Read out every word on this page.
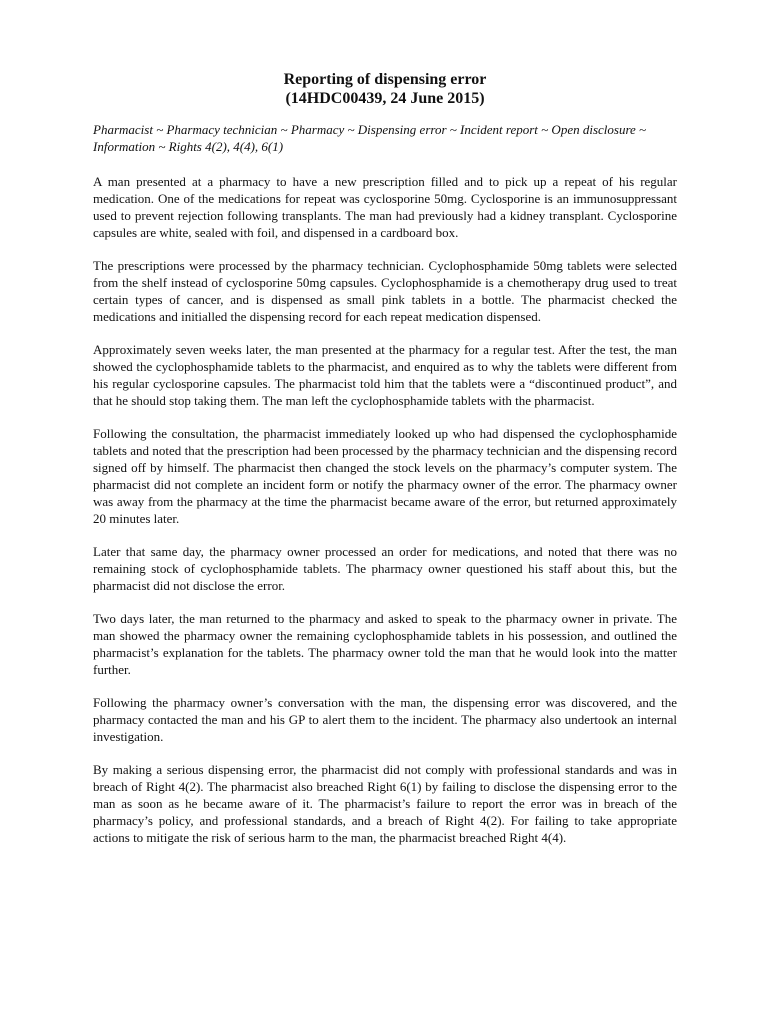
Reporting of dispensing error
(14HDC00439, 24 June 2015)

Pharmacist ~ Pharmacy technician ~ Pharmacy ~ Dispensing error ~ Incident report ~ Open disclosure ~ Information ~ Rights 4(2), 4(4), 6(1)

A man presented at a pharmacy to have a new prescription filled and to pick up a repeat of his regular medication. One of the medications for repeat was cyclosporine 50mg. Cyclosporine is an immunosuppressant used to prevent rejection following transplants. The man had previously had a kidney transplant. Cyclosporine capsules are white, sealed with foil, and dispensed in a cardboard box.

The prescriptions were processed by the pharmacy technician. Cyclophosphamide 50mg tablets were selected from the shelf instead of cyclosporine 50mg capsules. Cyclophosphamide is a chemotherapy drug used to treat certain types of cancer, and is dispensed as small pink tablets in a bottle. The pharmacist checked the medications and initialled the dispensing record for each repeat medication dispensed.

Approximately seven weeks later, the man presented at the pharmacy for a regular test. After the test, the man showed the cyclophosphamide tablets to the pharmacist, and enquired as to why the tablets were different from his regular cyclosporine capsules. The pharmacist told him that the tablets were a “discontinued product”, and that he should stop taking them. The man left the cyclophosphamide tablets with the pharmacist.

Following the consultation, the pharmacist immediately looked up who had dispensed the cyclophosphamide tablets and noted that the prescription had been processed by the pharmacy technician and the dispensing record signed off by himself. The pharmacist then changed the stock levels on the pharmacy’s computer system. The pharmacist did not complete an incident form or notify the pharmacy owner of the error. The pharmacy owner was away from the pharmacy at the time the pharmacist became aware of the error, but returned approximately 20 minutes later.

Later that same day, the pharmacy owner processed an order for medications, and noted that there was no remaining stock of cyclophosphamide tablets. The pharmacy owner questioned his staff about this, but the pharmacist did not disclose the error.

Two days later, the man returned to the pharmacy and asked to speak to the pharmacy owner in private. The man showed the pharmacy owner the remaining cyclophosphamide tablets in his possession, and outlined the pharmacist’s explanation for the tablets. The pharmacy owner told the man that he would look into the matter further.

Following the pharmacy owner’s conversation with the man, the dispensing error was discovered, and the pharmacy contacted the man and his GP to alert them to the incident. The pharmacy also undertook an internal investigation.

By making a serious dispensing error, the pharmacist did not comply with professional standards and was in breach of Right 4(2). The pharmacist also breached Right 6(1) by failing to disclose the dispensing error to the man as soon as he became aware of it. The pharmacist’s failure to report the error was in breach of the pharmacy’s policy, and professional standards, and a breach of Right 4(2). For failing to take appropriate actions to mitigate the risk of serious harm to the man, the pharmacist breached Right 4(4).
